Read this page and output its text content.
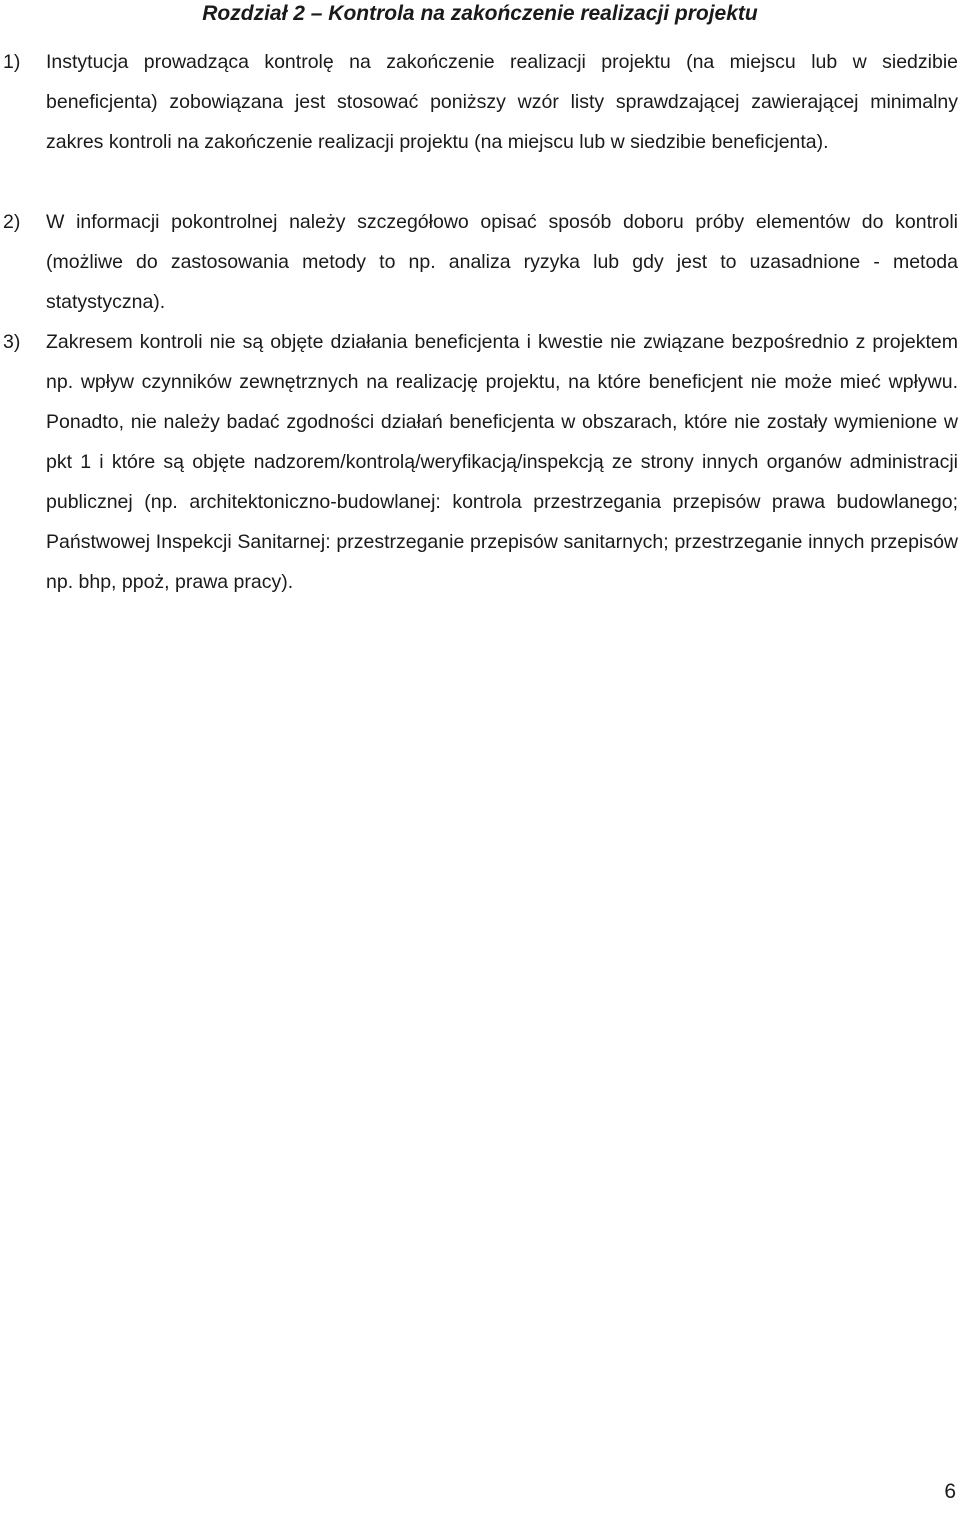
Rozdział 2 – Kontrola na zakończenie realizacji projektu
1) Instytucja prowadząca kontrolę na zakończenie realizacji projektu (na miejscu lub w siedzibie beneficjenta) zobowiązana jest stosować poniższy wzór listy sprawdzającej zawierającej minimalny zakres kontroli na zakończenie realizacji projektu (na miejscu lub w siedzibie beneficjenta).
2) W informacji pokontrolnej należy szczegółowo opisać sposób doboru próby elementów do kontroli (możliwe do zastosowania metody to np. analiza ryzyka lub gdy jest to uzasadnione - metoda statystyczna).
3) Zakresem kontroli nie są objęte działania beneficjenta i kwestie nie związane bezpośrednio z projektem np. wpływ czynników zewnętrznych na realizację projektu, na które beneficjent nie może mieć wpływu. Ponadto, nie należy badać zgodności działań beneficjenta w obszarach, które nie zostały wymienione w pkt 1 i które są objęte nadzorem/kontrolą/weryfikacją/inspekcją ze strony innych organów administracji publicznej (np. architektoniczno-budowlanej: kontrola przestrzegania przepisów prawa budowlanego; Państwowej Inspekcji Sanitarnej: przestrzeganie przepisów sanitarnych; przestrzeganie innych przepisów np. bhp, ppoż, prawa pracy).
6
